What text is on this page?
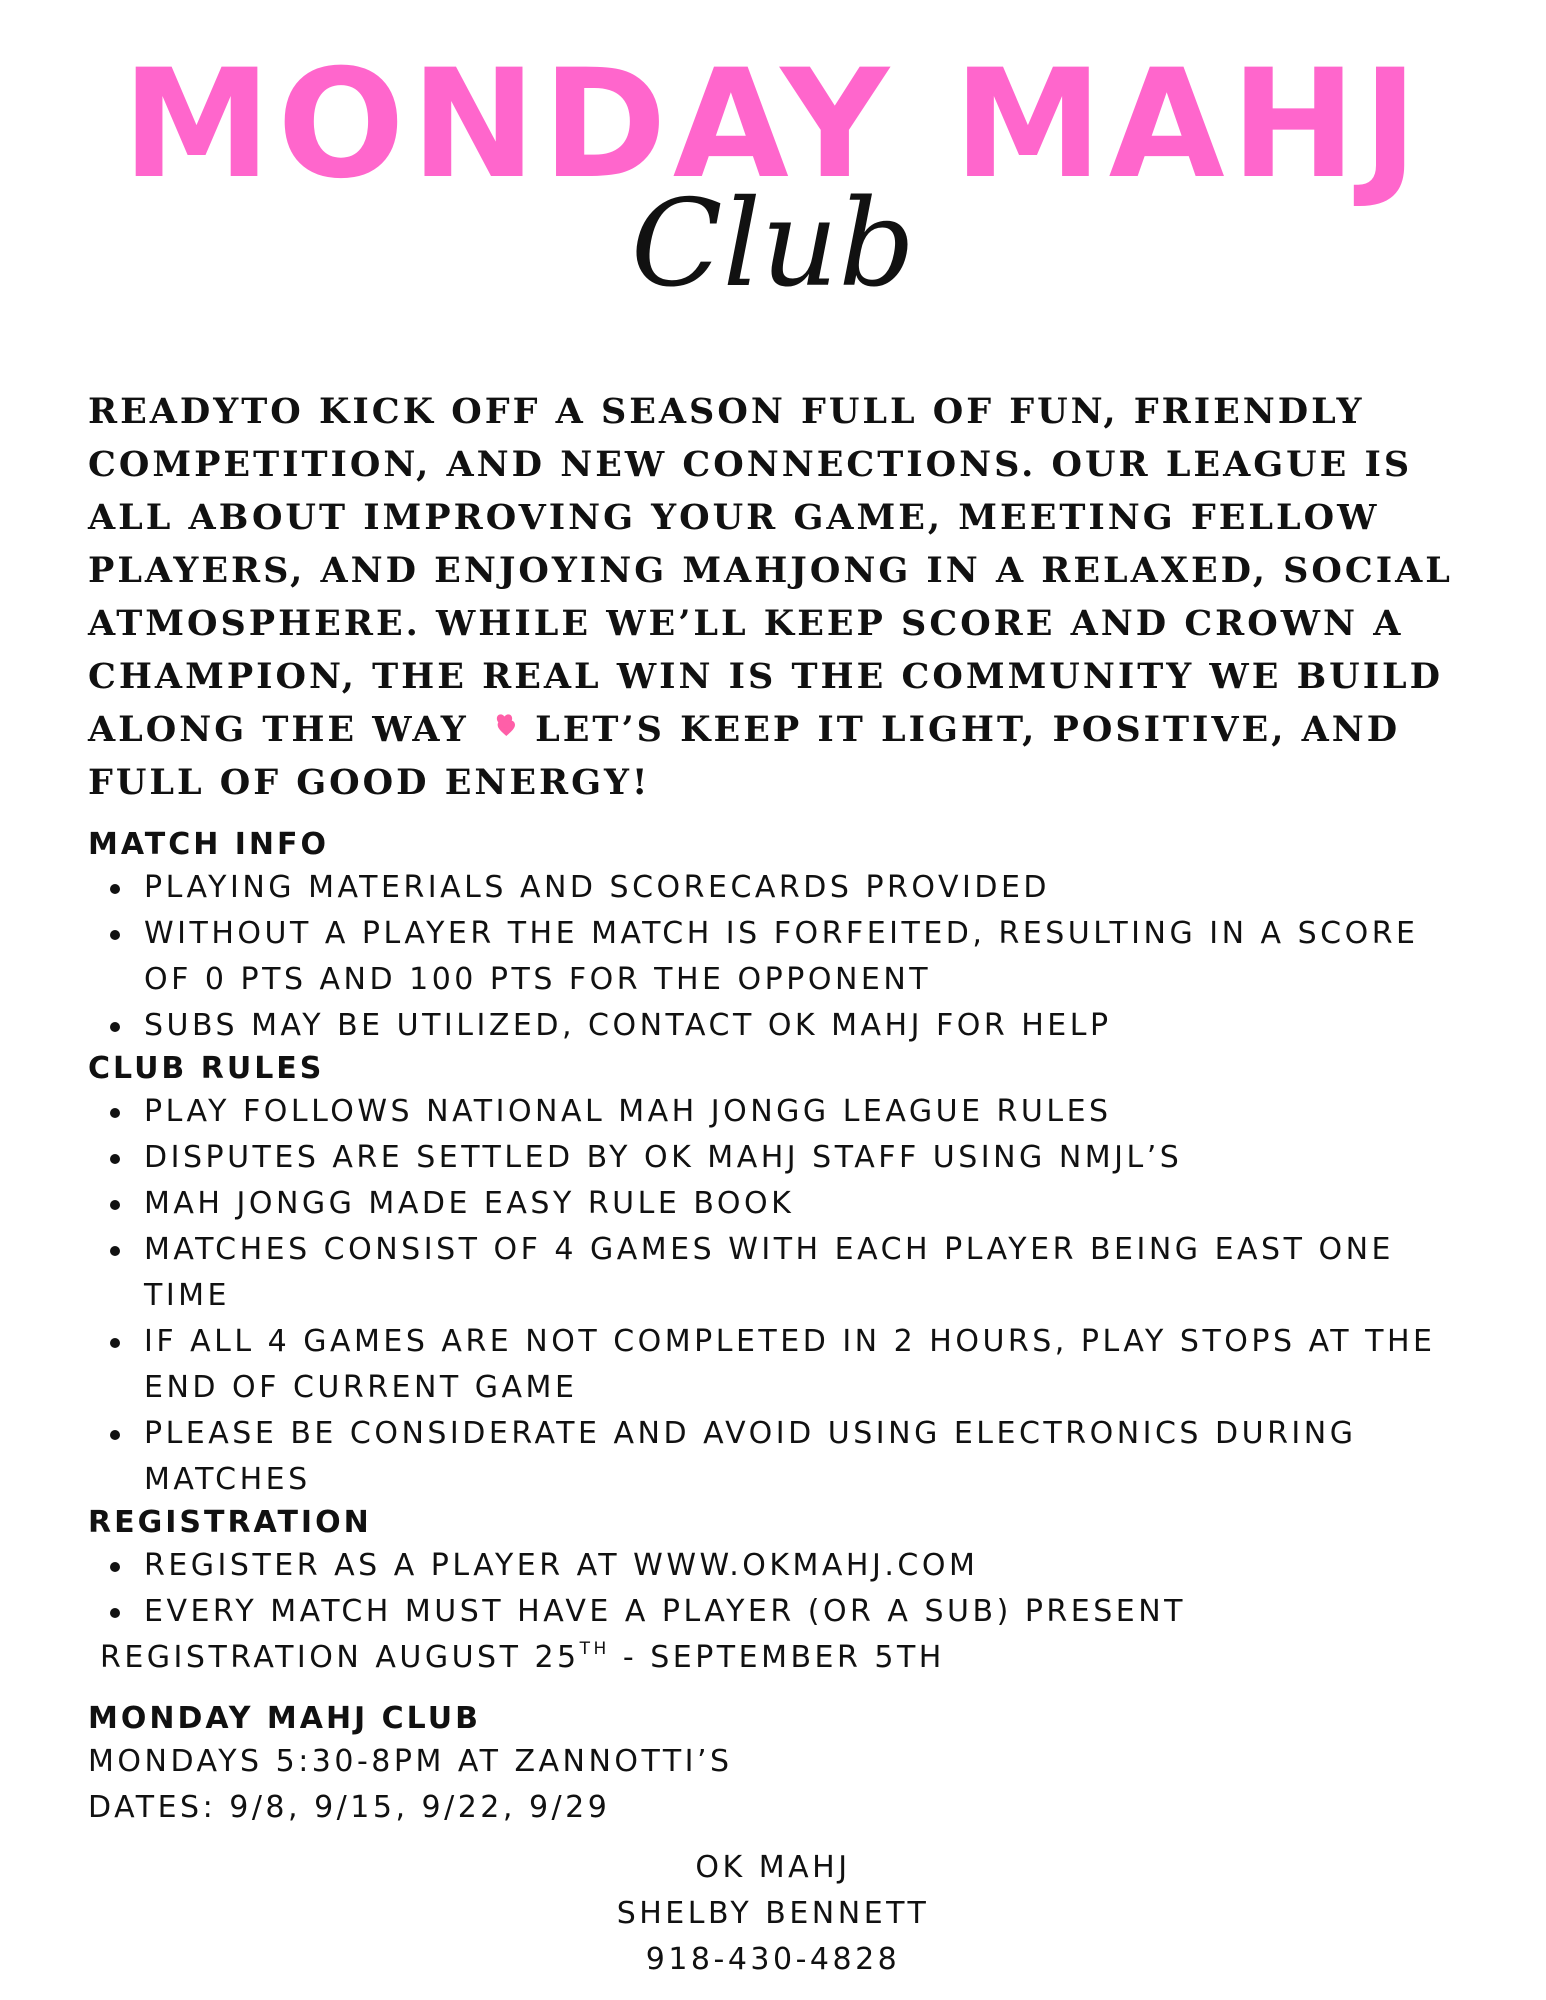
MONDAY MAHJ
Club

READYTO KICK OFF A SEASON FULL OF FUN, FRIENDLY COMPETITION, AND NEW CONNECTIONS. OUR LEAGUE IS ALL ABOUT IMPROVING YOUR GAME, MEETING FELLOW PLAYERS, AND ENJOYING MAHJONG IN A RELAXED, SOCIAL ATMOSPHERE. WHILE WE’LL KEEP SCORE AND CROWN A CHAMPION, THE REAL WIN IS THE COMMUNITY WE BUILD ALONG THE WAY LET’S KEEP IT LIGHT, POSITIVE, AND FULL OF GOOD ENERGY!

MATCH INFO
PLAYING MATERIALS AND SCORECARDS PROVIDED
WITHOUT A PLAYER THE MATCH IS FORFEITED, RESULTING IN A SCORE OF 0 PTS AND 100 PTS FOR THE OPPONENT
SUBS MAY BE UTILIZED, CONTACT OK MAHJ FOR HELP
CLUB RULES
PLAY FOLLOWS NATIONAL MAH JONGG LEAGUE RULES
DISPUTES ARE SETTLED BY OK MAHJ STAFF USING NMJL’S
MAH JONGG MADE EASY RULE BOOK
MATCHES CONSIST OF 4 GAMES WITH EACH PLAYER BEING EAST ONE TIME
IF ALL 4 GAMES ARE NOT COMPLETED IN 2 HOURS, PLAY STOPS AT THE END OF CURRENT GAME
PLEASE BE CONSIDERATE AND AVOID USING ELECTRONICS DURING MATCHES
REGISTRATION
REGISTER AS A PLAYER AT WWW.OKMAHJ.COM
EVERY MATCH MUST HAVE A PLAYER (OR A SUB) PRESENT

REGISTRATION AUGUST 25TH - SEPTEMBER 5TH

MONDAY MAHJ CLUB

MONDAYS 5:30-8PM AT ZANNOTTI’S

DATES: 9/8, 9/15, 9/22, 9/29

OK MAHJ

SHELBY BENNETT

918-430-4828
